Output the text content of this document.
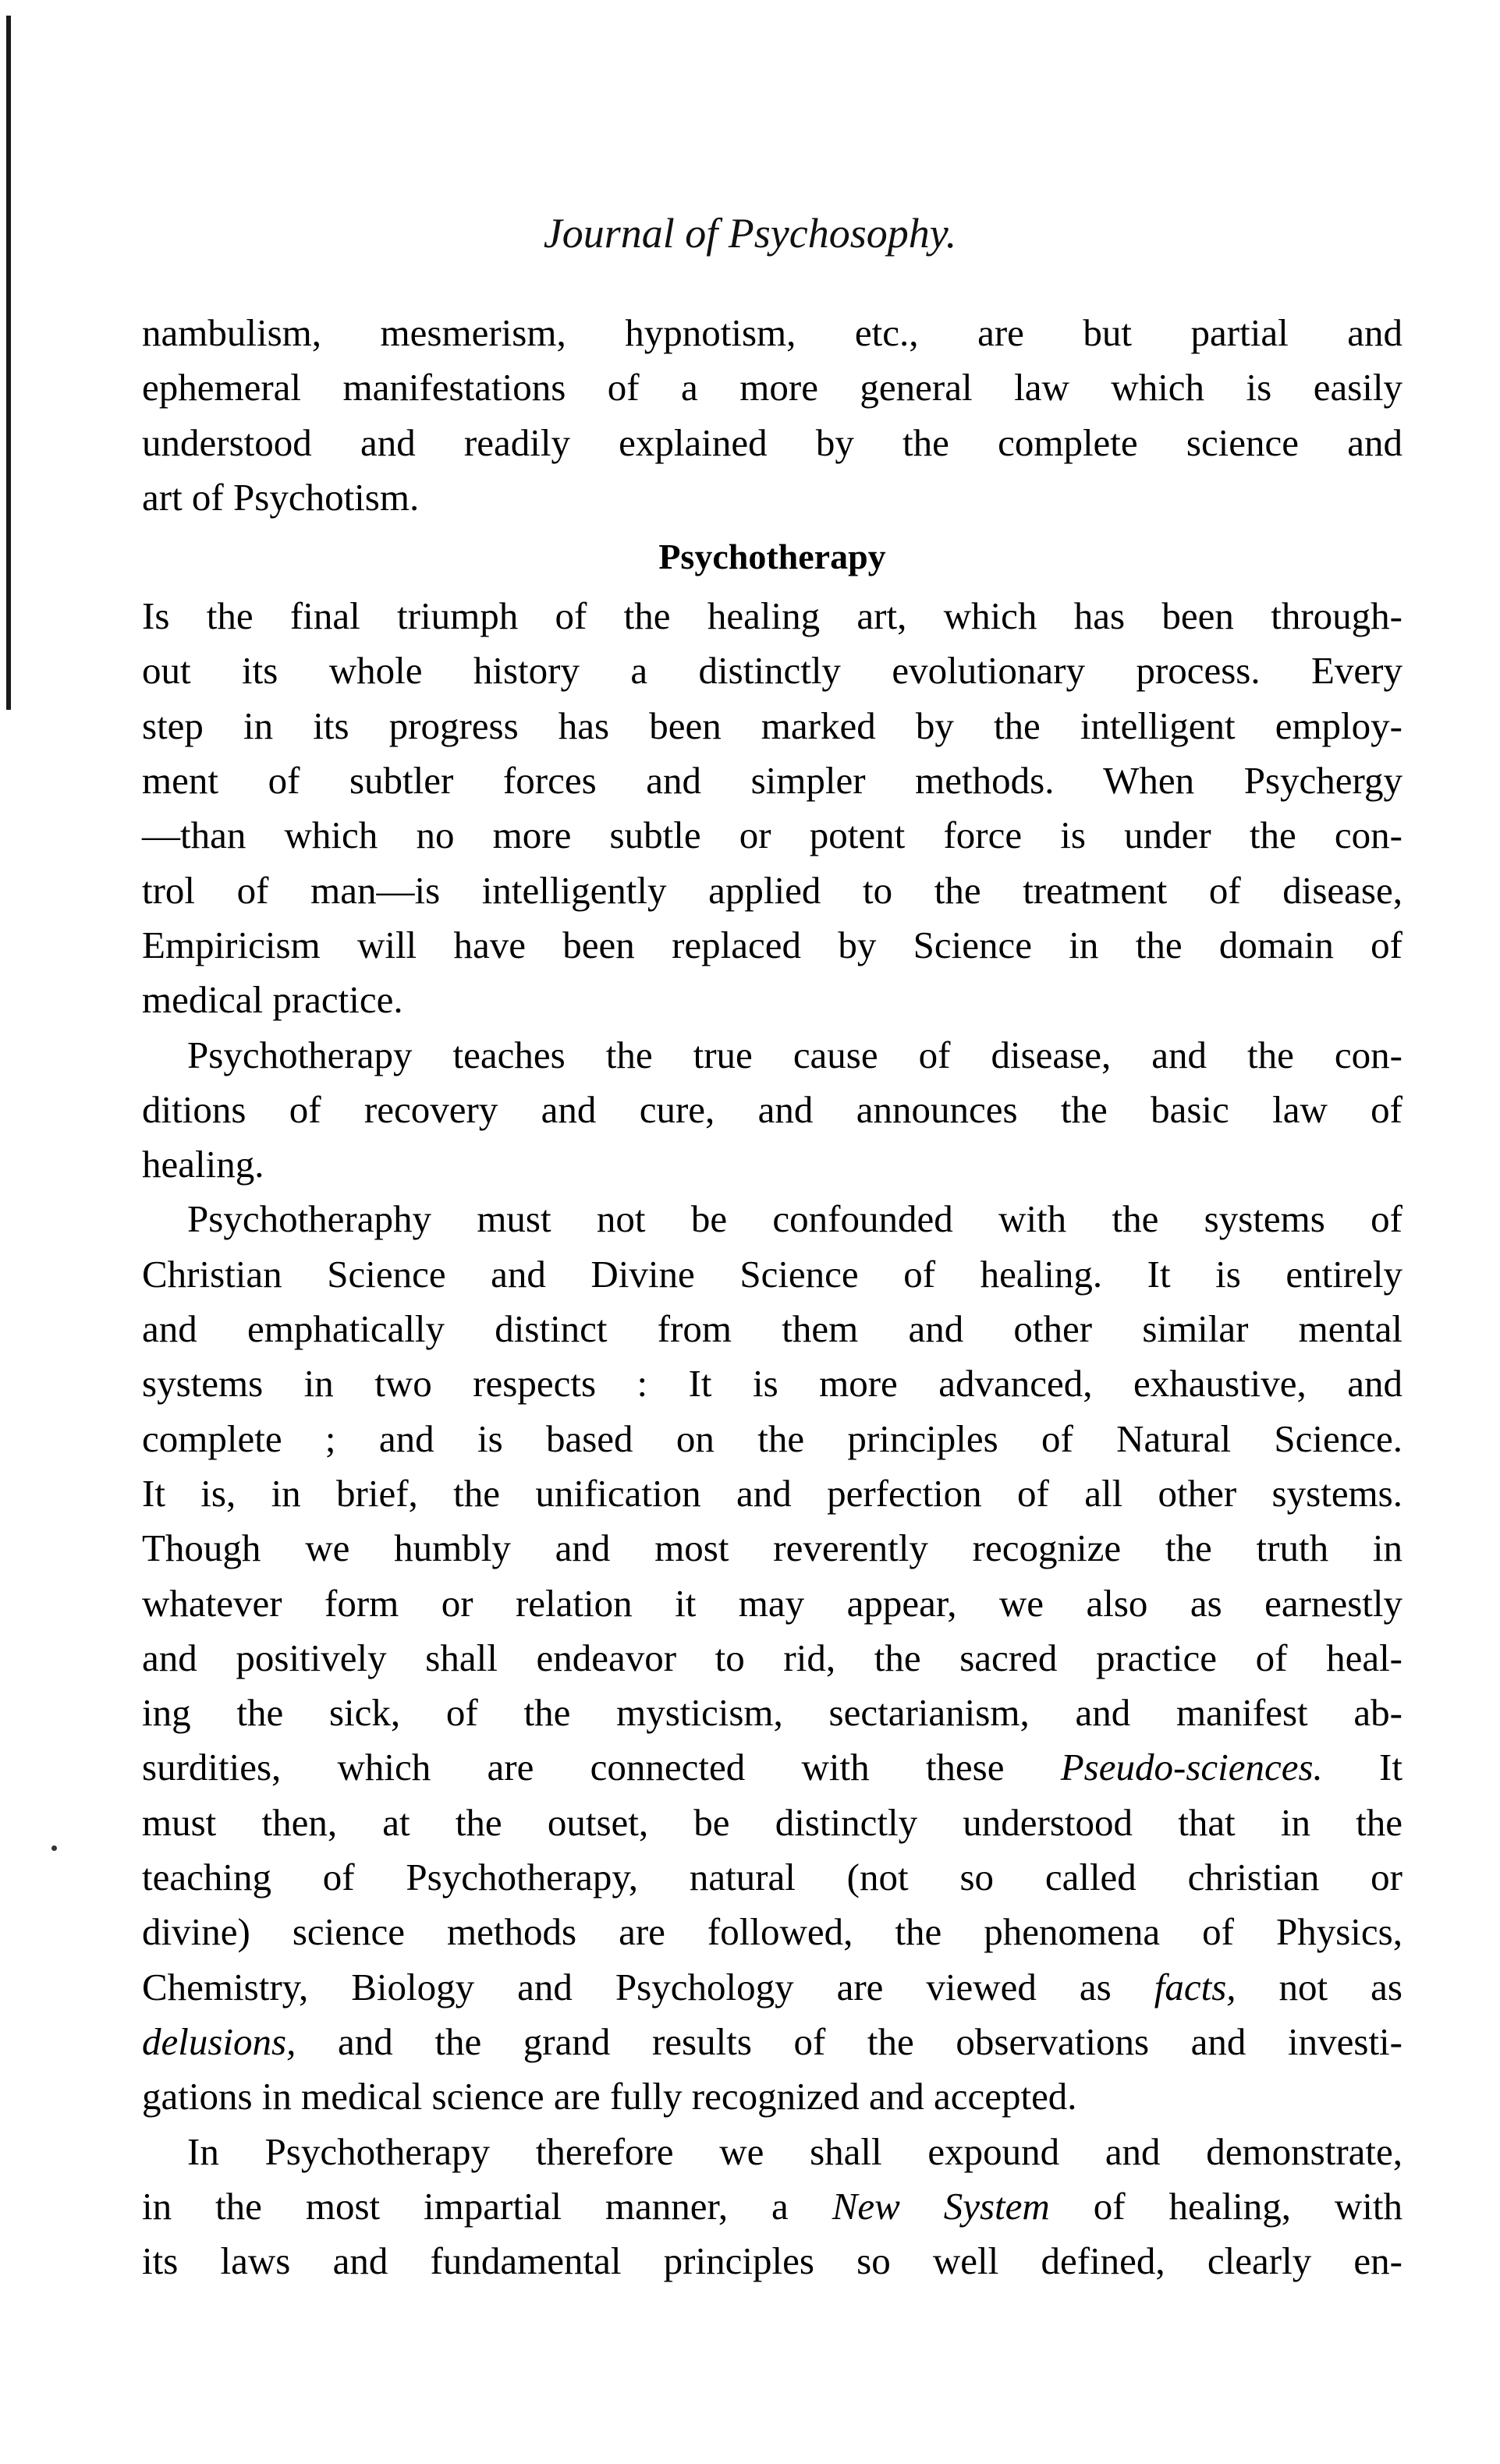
Journal of Psychosophy.
nambulism, mesmerism, hypnotism, etc., are but partial and
ephemeral manifestations of a more general law which is easily
understood and readily explained by the complete science and
art of Psychotism.
Psychotherapy
Is the final triumph of the healing art, which has been through-
out its whole history a distinctly evolutionary process. Every
step in its progress has been marked by the intelligent employ-
ment of subtler forces and simpler methods. When Psychergy
—than which no more subtle or potent force is under the con-
trol of man—is intelligently applied to the treatment of disease,
Empiricism will have been replaced by Science in the domain of
medical practice.
Psychotherapy teaches the true cause of disease, and the con-
ditions of recovery and cure, and announces the basic law of
healing.
Psychotheraphy must not be confounded with the systems of
Christian Science and Divine Science of healing. It is entirely
and emphatically distinct from them and other similar mental
systems in two respects : It is more advanced, exhaustive, and
complete ; and is based on the principles of Natural Science.
It is, in brief, the unification and perfection of all other systems.
Though we humbly and most reverently recognize the truth in
whatever form or relation it may appear, we also as earnestly
and positively shall endeavor to rid, the sacred practice of heal-
ing the sick, of the mysticism, sectarianism, and manifest ab-
surdities, which are connected with these Pseudo-sciences. It
must then, at the outset, be distinctly understood that in the
teaching of Psychotherapy, natural (not so called christian or
divine) science methods are followed, the phenomena of Physics,
Chemistry, Biology and Psychology are viewed as facts, not as
delusions, and the grand results of the observations and investi-
gations in medical science are fully recognized and accepted.
In Psychotherapy therefore we shall expound and demonstrate,
in the most impartial manner, a New System of healing, with
its laws and fundamental principles so well defined, clearly en-
